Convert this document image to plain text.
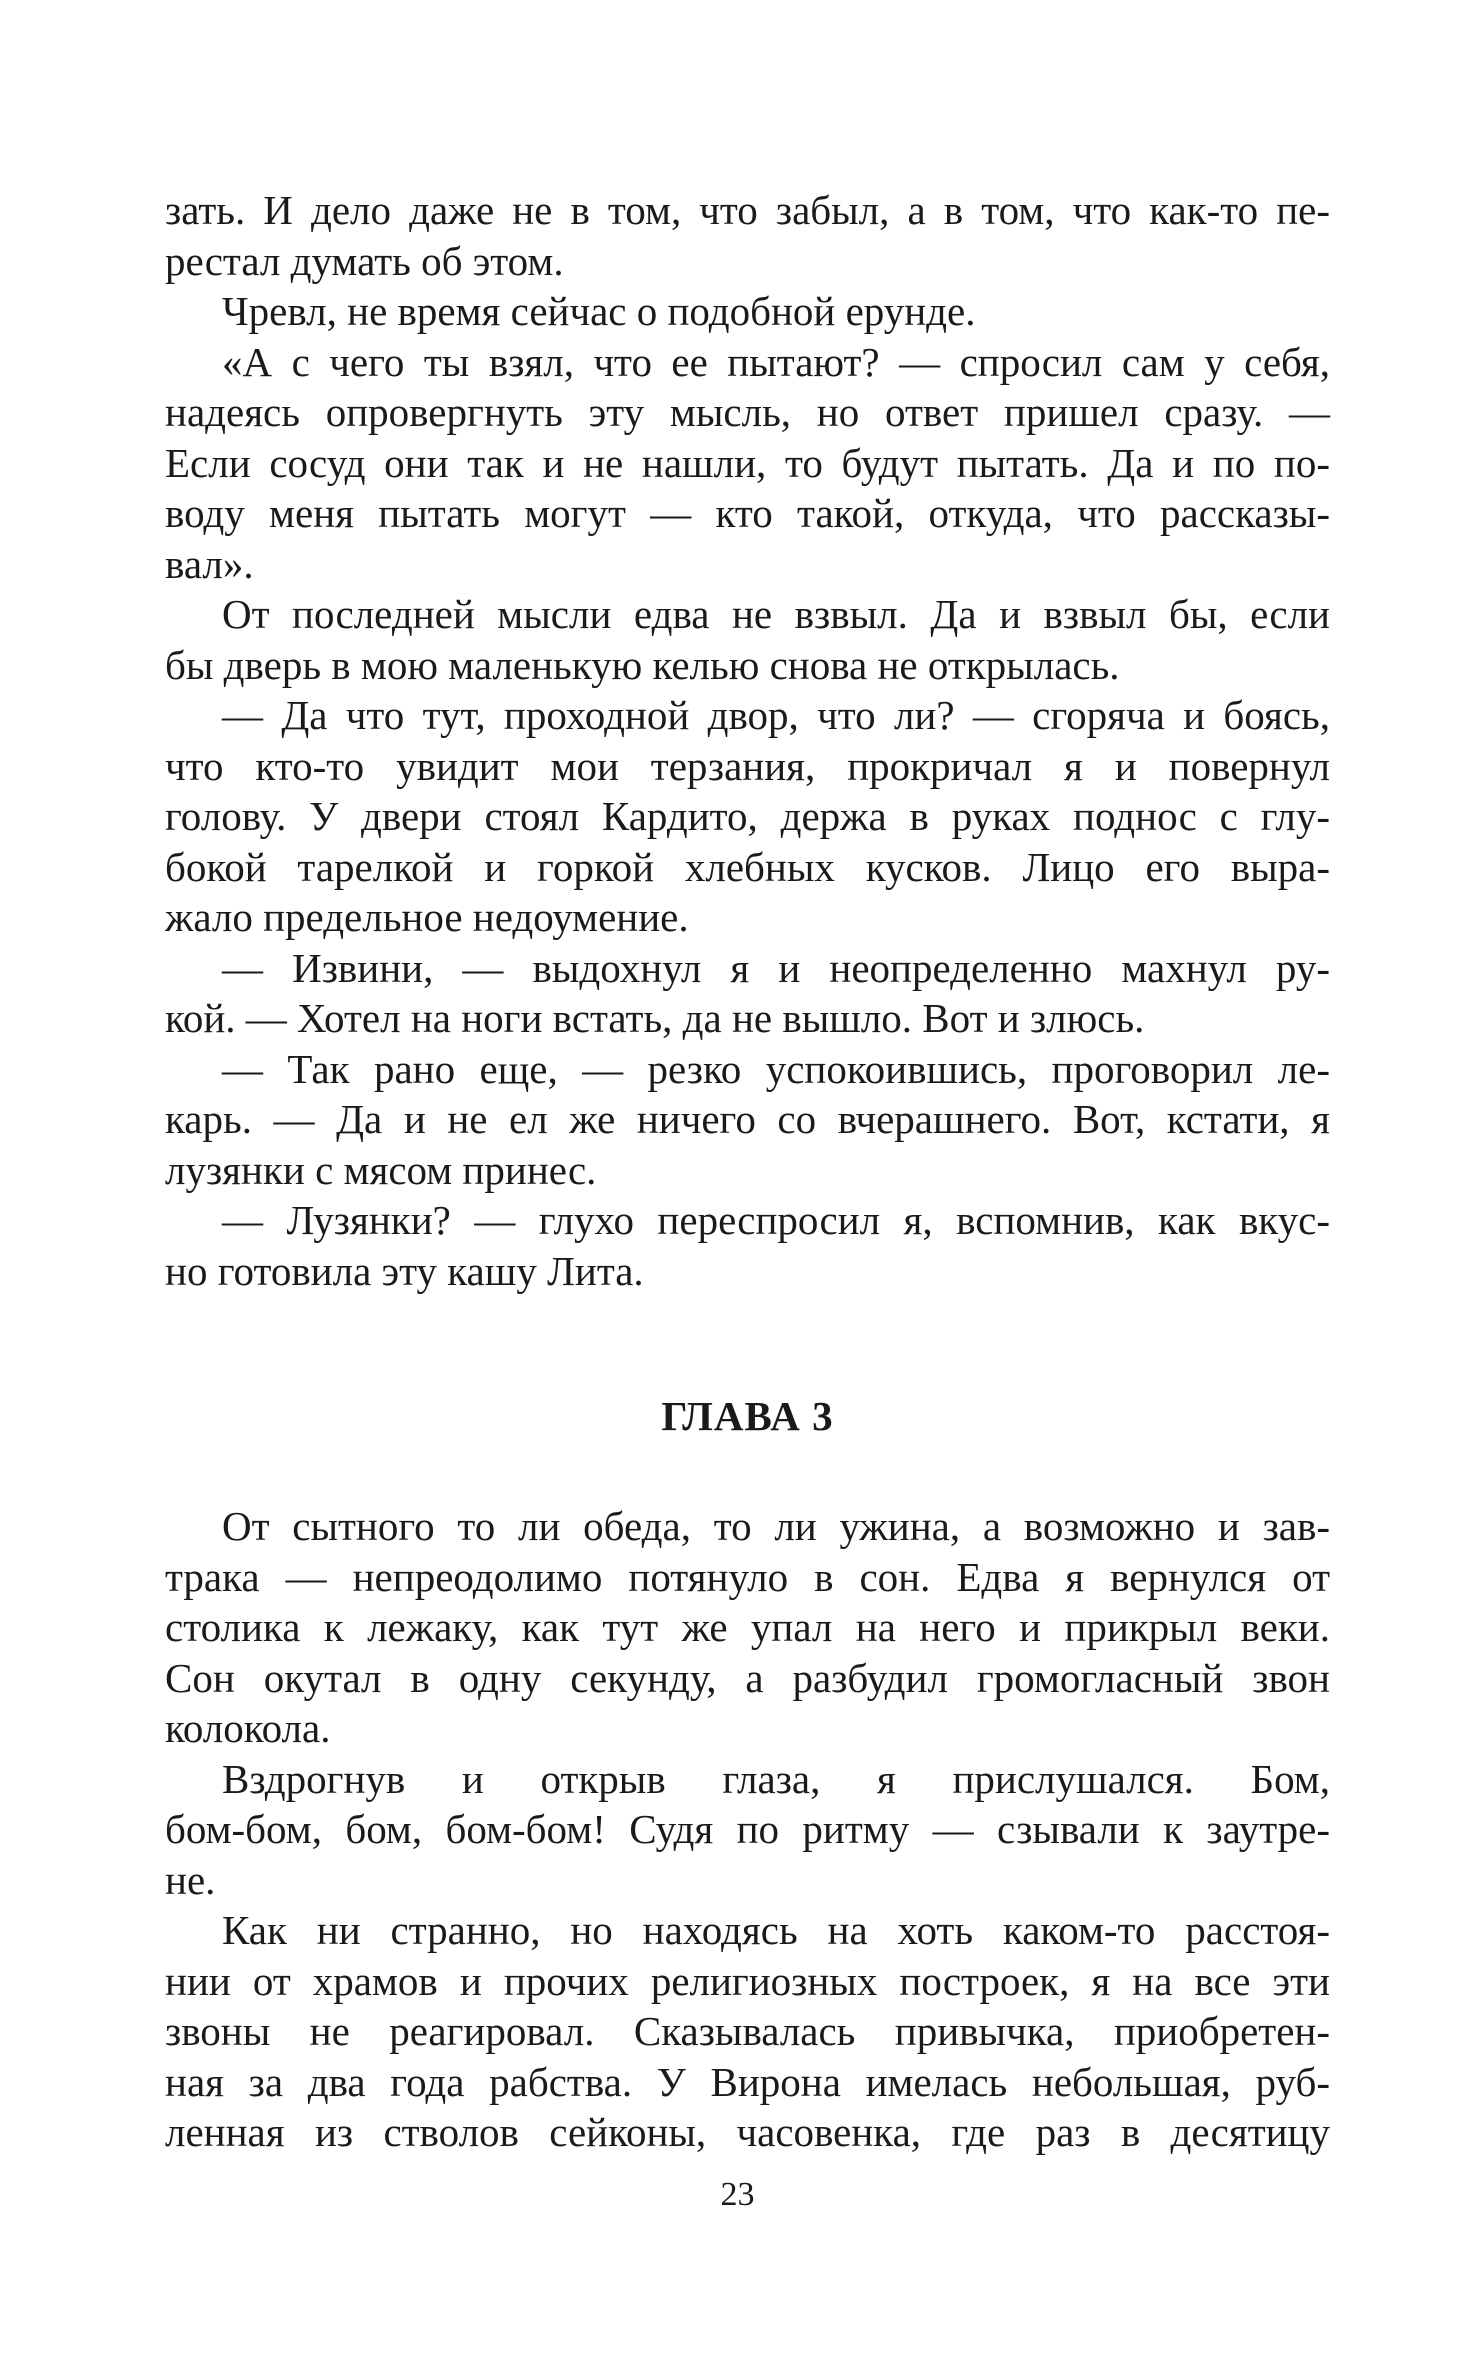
зать. И дело даже не в том, что забыл, а в том, что как-то пе-
рестал думать об этом.
Чревл, не время сейчас о подобной ерунде.
«А с чего ты взял, что ее пытают? — спросил сам у себя,
надеясь опровергнуть эту мысль, но ответ пришел сразу. —
Если сосуд они так и не нашли, то будут пытать. Да и по по-
воду меня пытать могут — кто такой, откуда, что рассказы-
вал».
От последней мысли едва не взвыл. Да и взвыл бы, если
бы дверь в мою маленькую келью снова не открылась.
— Да что тут, проходной двор, что ли? — сгоряча и боясь,
что кто-то увидит мои терзания, прокричал я и повернул
голову. У двери стоял Кардито, держа в руках поднос с глу-
бокой тарелкой и горкой хлебных кусков. Лицо его выра-
жало предельное недоумение.
— Извини, — выдохнул я и неопределенно махнул ру-
кой. — Хотел на ноги встать, да не вышло. Вот и злюсь.
— Так рано еще, — резко успокоившись, проговорил ле-
карь. — Да и не ел же ничего со вчерашнего. Вот, кстати, я
лузянки с мясом принес.
— Лузянки? — глухо переспросил я, вспомнив, как вкус-
но готовила эту кашу Лита.
ГЛАВА 3
От сытного то ли обеда, то ли ужина, а возможно и зав-
трака — непреодолимо потянуло в сон. Едва я вернулся от
столика к лежаку, как тут же упал на него и прикрыл веки.
Сон окутал в одну секунду, а разбудил громогласный звон
колокола.
Вздрогнув и открыв глаза, я прислушался. Бом,
бом-бом, бом, бом-бом! Судя по ритму — сзывали к заутре-
не.
Как ни странно, но находясь на хоть каком-то расстоя-
нии от храмов и прочих религиозных построек, я на все эти
звоны не реагировал. Сказывалась привычка, приобретен-
ная за два года рабства. У Вирона имелась небольшая, руб-
ленная из стволов сейконы, часовенка, где раз в десятицу
23
